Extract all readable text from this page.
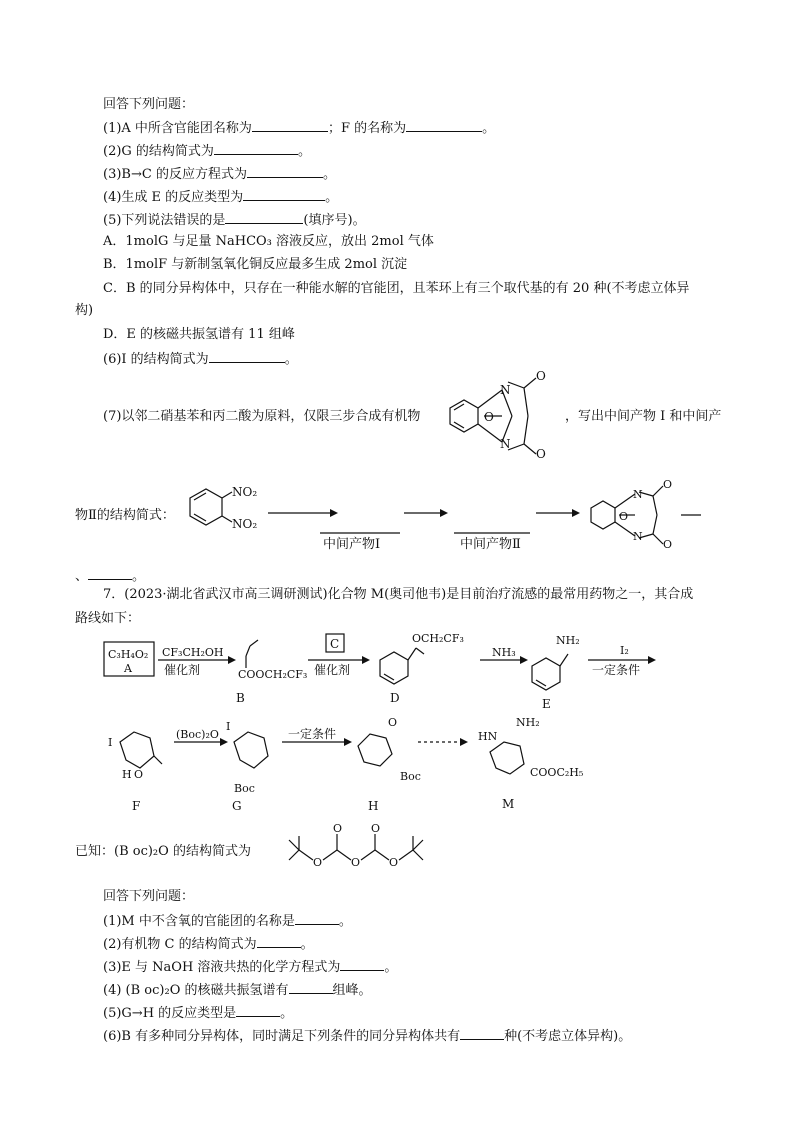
回答下列问题：
(1)A 中所含官能团名称为	；F 的名称为	。
(2)G 的结构简式为	。
(3)B→C 的反应方程式为	。
(4)生成 E 的反应类型为	。
(5)下列说法错误的是	(填序号)。
A．1molG 与足量 NaHCO₃ 溶液反应，放出 2mol 气体
B．1molF 与新制氢氧化铜反应最多生成 2mol 沉淀
C．B 的同分异构体中，只存在一种能水解的官能团，且苯环上有三个取代基的有 20 种(不考虑立体异
构)
D．E 的核磁共振氢谱有 11 组峰
(6)I 的结构简式为	。
(7)以邻二硝基苯和丙二酸为原料，仅限三步合成有机物	，写出中间产物 I 和中间产
N
N
O
O
O
物Ⅱ的结构简式：
NO₂
NO₂
中间产物Ⅰ	中间产物Ⅱ
N
N
O
O
O
、	。
7．(2023·湖北省武汉市高三调研测试)化合物 M(奥司他韦)是目前治疗流感的最常用药物之一，其合成
路线如下：
C₃H₄O₂
A
CF₃CH₂OH
催化剂	COOCH₂CF₃
B
C
催化剂
OCH₂CF₃
D
NH₃
NH₂
E
I₂
一定条件
I
H O
F
(Boc)₂O
I
Boc
G
一定条件
O
Boc
H
HN
NH₂
COOC₂H₅
M
已知：(B oc)₂O 的结构简式为
O
O
O
O
O
回答下列问题：
(1)M 中不含氧的官能团的名称是	。
(2)有机物 C 的结构简式为	。
(3)E 与 NaOH 溶液共热的化学方程式为	。
(4) (B oc)₂O 的核磁共振氢谱有	组峰。
(5)G→H 的反应类型是	。
(6)B 有多种同分异构体，同时满足下列条件的同分异构体共有	种(不考虑立体异构)。
